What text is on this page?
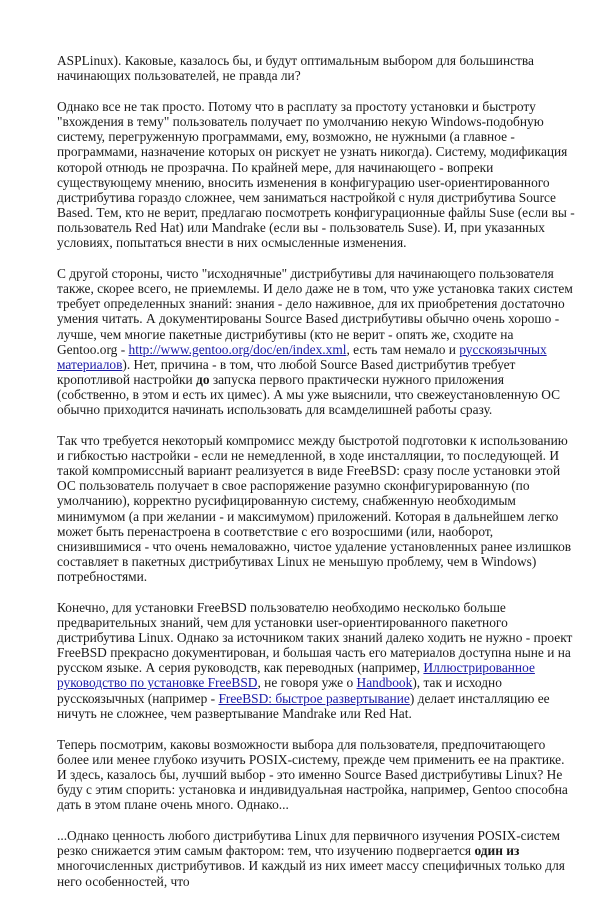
ASPLinux). Каковые, казалось бы, и будут оптимальным выбором для большинства начинающих пользователей, не правда ли?

Однако все не так просто. Потому что в расплату за простоту установки и быстроту "вхождения в тему" пользователь получает по умолчанию некую Windows-подобную систему, перегруженную программами, ему, возможно, не нужными (а главное - программами, назначение которых он рискует не узнать никогда). Систему, модификация которой отнюдь не прозрачна. По крайней мере, для начинающего - вопреки существующему мнению, вносить изменения в конфигурацию user-ориентированного дистрибутива гораздо сложнее, чем заниматься настройкой с нуля дистрибутива Source Based. Тем, кто не верит, предлагаю посмотреть конфигурационные файлы Suse (если вы - пользователь Red Hat) или Mandrake (если вы - пользователь Suse). И, при указанных условиях, попытаться внести в них осмысленные изменения.

С другой стороны, чисто "исходнячные" дистрибутивы для начинающего пользователя также, скорее всего, не приемлемы. И дело даже не в том, что уже установка таких систем требует определенных знаний: знания - дело наживное, для их приобретения достаточно умения читать. А документированы Source Based дистрибутивы обычно очень хорошо - лучше, чем многие пакетные дистрибутивы (кто не верит - опять же, сходите на Gentoo.org - http://www.gentoo.org/doc/en/index.xml, есть там немало и русскоязычных материалов). Нет, причина - в том, что любой Source Based дистрибутив требует кропотливой настройки до запуска первого практически нужного приложения (собственно, в этом и есть их цимес). А мы уже выяснили, что свежеустановленную ОС обычно приходится начинать использовать для всамделишней работы сразу.

Так что требуется некоторый компромисс между быстротой подготовки к использованию и гибкостью настройки - если не немедленной, в ходе инсталляции, то последующей. И такой компромиссный вариант реализуется в виде FreeBSD: сразу после установки этой ОС пользователь получает в свое распоряжение разумно сконфигурированную (по умолчанию), корректно русифицированную систему, снабженную необходимым минимумом (а при желании - и максимумом) приложений. Которая в дальнейшем легко может быть перенастроена в соответствие с его возросшими (или, наоборот, снизившимися - что очень немаловажно, чистое удаление установленных ранее излишков составляет в пакетных дистрибутивах Linux не меньшую проблему, чем в Windows) потребностями.

Конечно, для установки FreeBSD пользователю необходимо несколько больше предварительных знаний, чем для установки user-ориентированного пакетного дистрибутива Linux. Однако за источником таких знаний далеко ходить не нужно - проект FreeBSD прекрасно документирован, и большая часть его материалов доступна ныне и на русском языке. А серия руководств, как переводных (например, Иллюстрированное руководство по установке FreeBSD, не говоря уже о Handbook), так и исходно русскоязычных (например - FreeBSD: быстрое развертывание) делает инсталляцию ее ничуть не сложнее, чем развертывание Mandrake или Red Hat.

Теперь посмотрим, каковы возможности выбора для пользователя, предпочитающего более или менее глубоко изучить POSIX-систему, прежде чем применить ее на практике. И здесь, казалось бы, лучший выбор - это именно Source Based дистрибутивы Linux? Не буду с этим спорить: установка и индивидуальная настройка, например, Gentoo способна дать в этом плане очень много. Однако...

...Однако ценность любого дистрибутива Linux для первичного изучения POSIX-систем резко снижается этим самым фактором: тем, что изучению подвергается один из многочисленных дистрибутивов. И каждый из них имеет массу специфичных только для него особенностей, что
